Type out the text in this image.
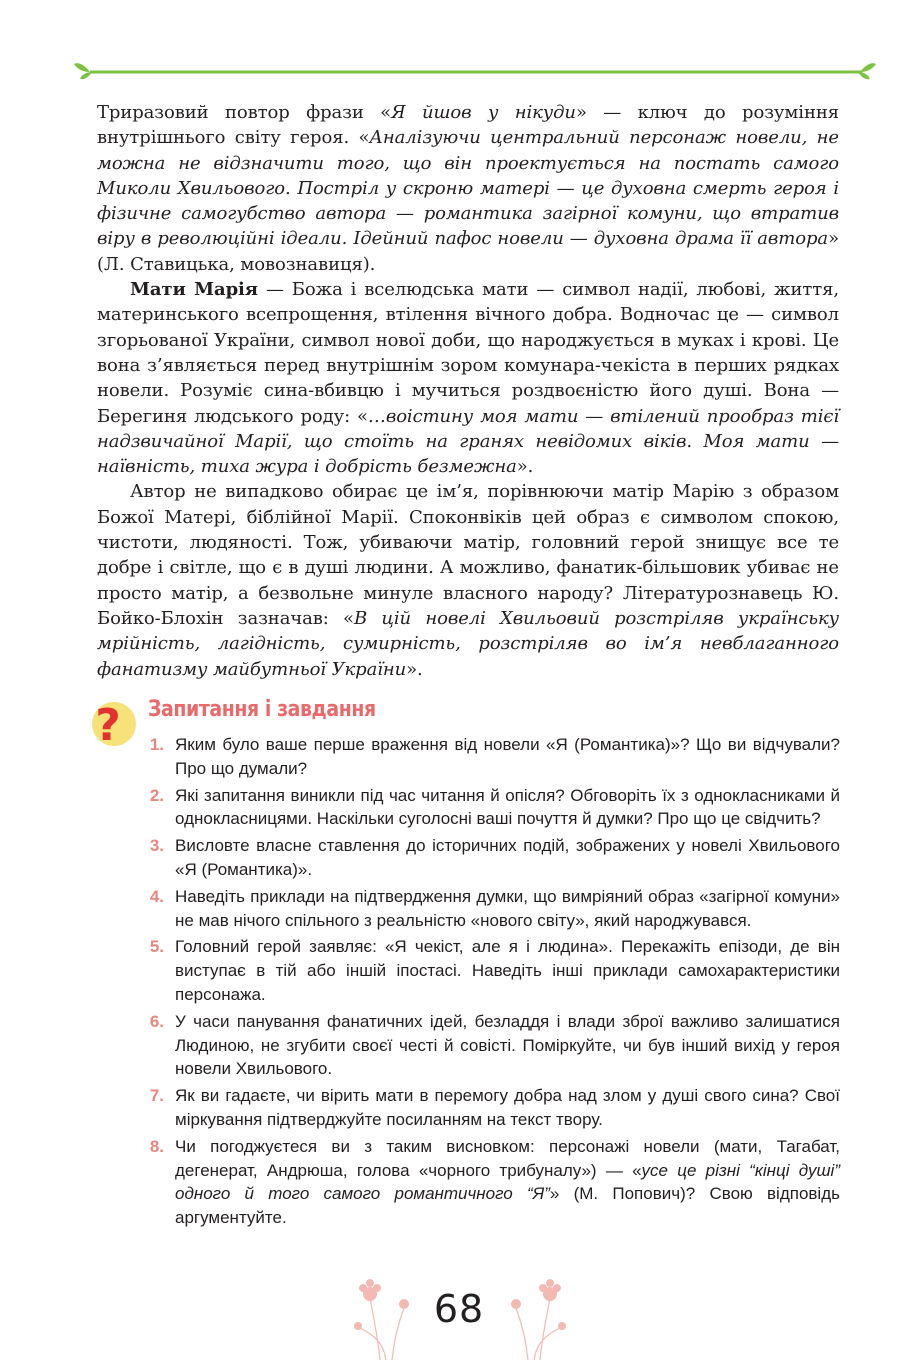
Триразовий повтор фрази «Я йшов у нікуди» — ключ до розуміння внутрішнього світу героя. «Аналізуючи центральний персонаж новели, не можна не відзначити того, що він проектується на постать самого Миколи Хвильового. Постріл у скроню матері — це духовна смерть героя і фізичне самогубство автора — романтика загірної комуни, що втратив віру в революційні ідеали. Ідейний пафос новели — духовна драма її автора» (Л. Ставицька, мовознавиця).

Мати Марія — Божа і вселюдська мати — символ надії, любові, життя, материнського всепрощення, втілення вічного добра. Водночас це — символ згорьованої України, символ нової доби, що народжується в муках і крові. Це вона з’являється перед внутрішнім зором комунара-чекіста в перших рядках новели. Розуміє сина-вбивцю і мучиться роздвоєністю його душі. Вона — Берегиня людського роду: «…воістину моя мати — втілений прообраз тієї надзвичайної Марії, що стоїть на гранях невідомих віків. Моя мати — наївність, тиха жура і добрість безмежна».

Автор не випадково обирає це ім’я, порівнюючи матір Марію з образом Божої Матері, біблійної Марії. Споконвіків цей образ є символом спокою, чистоти, людяності. Тож, убиваючи матір, головний герой знищує все те добре і світле, що є в душі людини. А можливо, фанатик-більшовик убиває не просто матір, а безвольне минуле власного народу? Літературознавець Ю. Бойко-Блохін зазначав: «В цій новелі Хвильовий розстріляв українську мрійність, лагідність, сумирність, розстріляв во ім’я невблаганного фанатизму майбутньої України».

? Запитання і завдання
1. Яким було ваше перше враження від новели «Я (Романтика)»? Що ви відчували? Про що думали?
2. Які запитання виникли під час читання й опісля? Обговоріть їх з однокласниками й однокласницями. Наскільки суголосні ваші почуття й думки? Про що це свідчить?
3. Висловте власне ставлення до історичних подій, зображених у новелі Хвильового «Я (Романтика)».
4. Наведіть приклади на підтвердження думки, що вимріяний образ «загірної комуни» не мав нічого спільного з реальністю «нового світу», який народжувався.
5. Головний герой заявляє: «Я чекіст, але я і людина». Перекажіть епізоди, де він виступає в тій або іншій іпостасі. Наведіть інші приклади самохарактеристики персонажа.
6. У часи панування фанатичних ідей, безладдя і влади зброї важливо залишатися Людиною, не згубити своєї честі й совісті. Поміркуйте, чи був інший вихід у героя новели Хвильового.
7. Як ви гадаєте, чи вірить мати в перемогу добра над злом у душі свого сина? Свої міркування підтверджуйте посиланням на текст твору.
8. Чи погоджуєтеся ви з таким висновком: персонажі новели (мати, Тагабат, дегенерат, Андрюша, голова «чорного трибуналу») — «усе це різні “кінці душі” одного й того самого романтичного “Я”» (М. Попович)? Свою відповідь аргументуйте.
68
